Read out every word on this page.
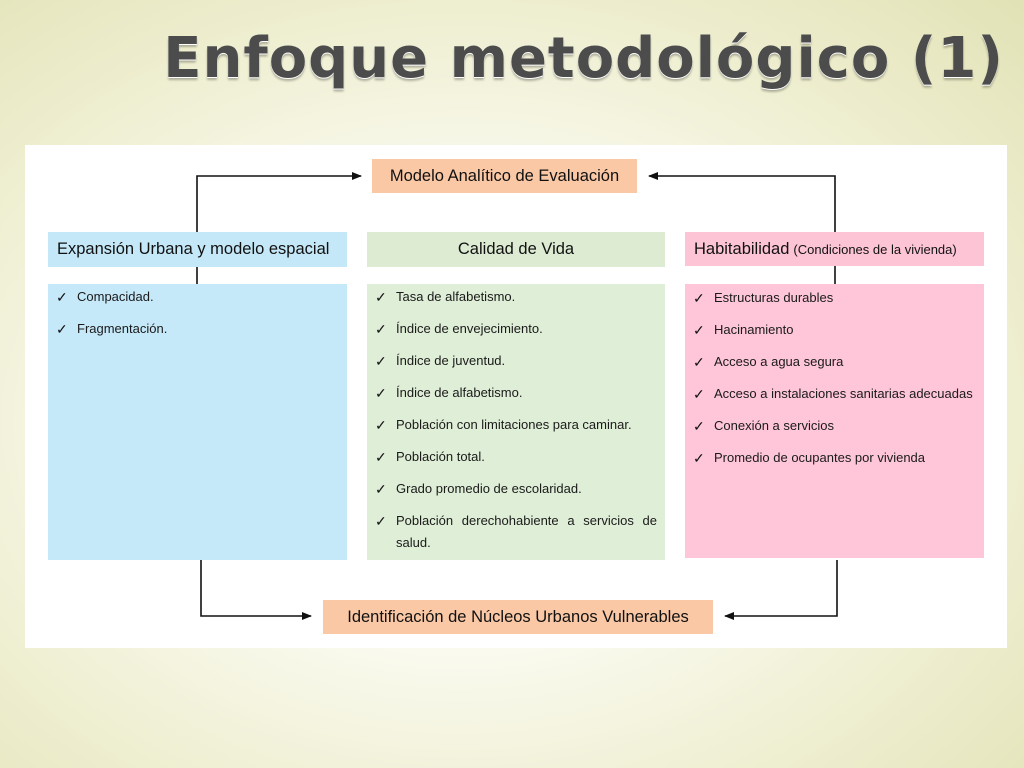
Enfoque metodológico (1)
Modelo Analítico de Evaluación
Expansión Urbana y modelo espacial	Calidad de Vida	Habitabilidad (Condiciones de la vivienda)
✓ Compacidad.
✓ Fragmentación.
✓ Tasa de alfabetismo.
✓ Índice de envejecimiento.
✓ Índice de juventud.
✓ Índice de alfabetismo.
✓ Población con limitaciones para caminar.
✓ Población total.
✓ Grado promedio de escolaridad.
✓ Población derechohabiente a servicios de salud.
✓ Estructuras durables
✓ Hacinamiento
✓ Acceso a agua segura
✓ Acceso a instalaciones sanitarias adecuadas
✓ Conexión a servicios
✓ Promedio de ocupantes por vivienda
Identificación de Núcleos Urbanos Vulnerables
